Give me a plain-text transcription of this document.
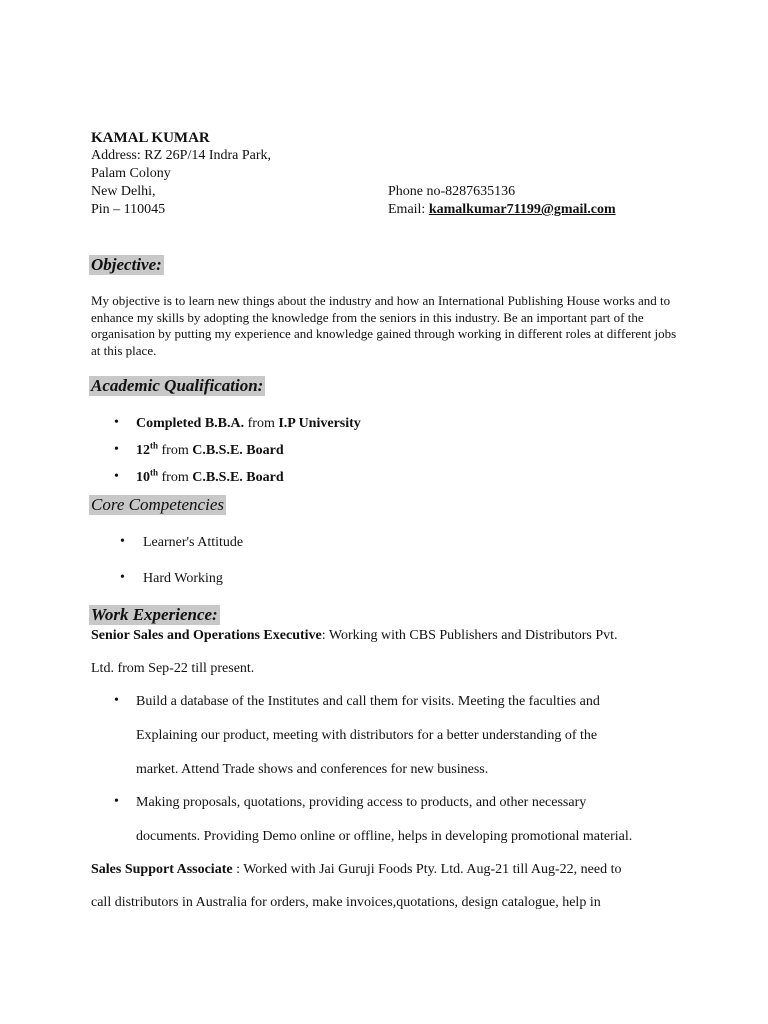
KAMAL KUMAR
Address: RZ 26P/14 Indra Park,
Palam Colony
New Delhi,
Pin – 110045
Phone no-8287635136
Email: kamalkumar71199@gmail.com
Objective:
My objective is to learn new things about the industry and how an International Publishing House works and to enhance my skills by adopting the knowledge from the seniors in this industry. Be an important part of the organisation by putting my experience and knowledge gained through working in different roles at different jobs at this place.
Academic Qualification:
• Completed B.B.A. from I.P University
• 12th from C.B.S.E. Board
• 10th from C.B.S.E. Board
Core Competencies
• Learner's Attitude
• Hard Working
Work Experience:
Senior Sales and Operations Executive: Working with CBS Publishers and Distributors Pvt.
Ltd. from Sep-22 till present.
• Build a database of the Institutes and call them for visits. Meeting the faculties and
Explaining our product, meeting with distributors for a better understanding of the
market. Attend Trade shows and conferences for new business.
• Making proposals, quotations, providing access to products, and other necessary
documents. Providing Demo online or offline, helps in developing promotional material.
Sales Support Associate : Worked with Jai Guruji Foods Pty. Ltd. Aug-21 till Aug-22, need to
call distributors in Australia for orders, make invoices,quotations, design catalogue, help in
